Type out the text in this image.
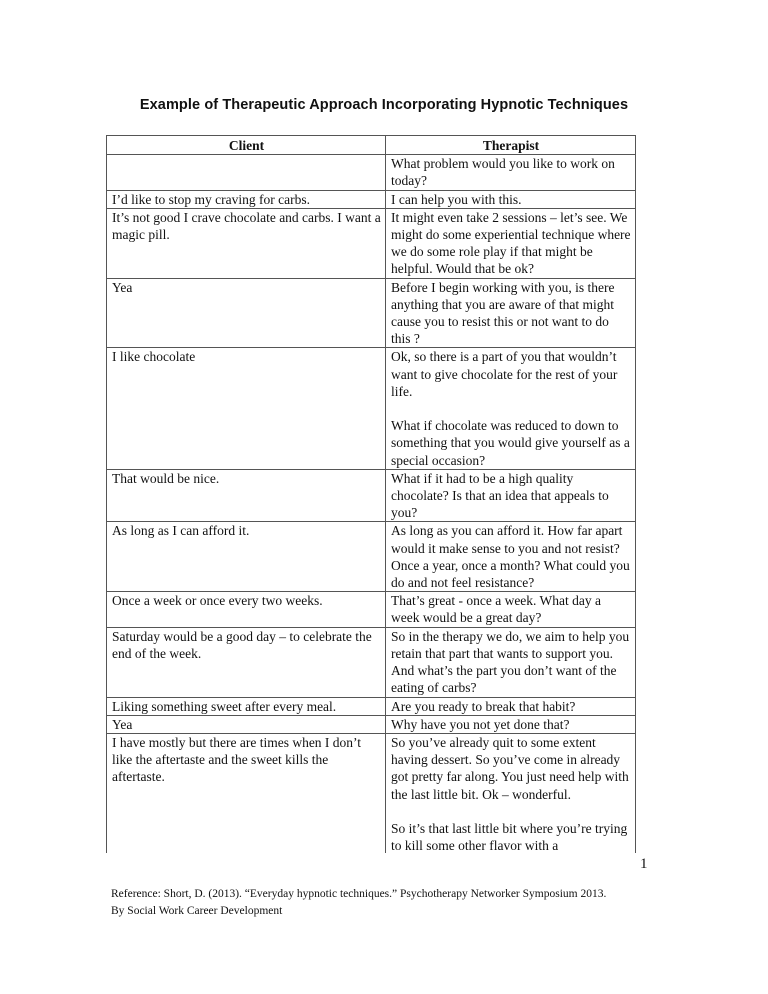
Example of Therapeutic Approach Incorporating Hypnotic Techniques
Client	Therapist
	What problem would you like to work on today?
I’d like to stop my craving for carbs.	I can help you with this.
It’s not good I crave chocolate and carbs. I want a magic pill.	It might even take 2 sessions – let’s see. We might do some experiential technique where we do some role play if that might be helpful. Would that be ok?
Yea	Before I begin working with you, is there anything that you are aware of that might cause you to resist this or not want to do this ?
I like chocolate	Ok, so there is a part of you that wouldn’t want to give chocolate for the rest of your life.

What if chocolate was reduced to down to something that you would give yourself as a special occasion?
That would be nice.	What if it had to be a high quality chocolate? Is that an idea that appeals to you?
As long as I can afford it.	As long as you can afford it. How far apart would it make sense to you and not resist? Once a year, once a month? What could you do and not feel resistance?
Once a week or once every two weeks.	That’s great - once a week. What day a week would be a great day?
Saturday would be a good day – to celebrate the end of the week.	So in the therapy we do, we aim to help you retain that part that wants to support you. And what’s the part you don’t want of the eating of carbs?
Liking something sweet after every meal.	Are you ready to break that habit?
Yea	Why have you not yet done that?
I have mostly but there are times when I don’t like the aftertaste and the sweet kills the aftertaste.	So you’ve already quit to some extent having dessert. So you’ve come in already got pretty far along. You just need help with the last little bit. Ok – wonderful.

So it’s that last little bit where you’re trying to kill some other flavor with a
1
Reference: Short, D. (2013). “Everyday hypnotic techniques.” Psychotherapy Networker Symposium 2013.
By Social Work Career Development
